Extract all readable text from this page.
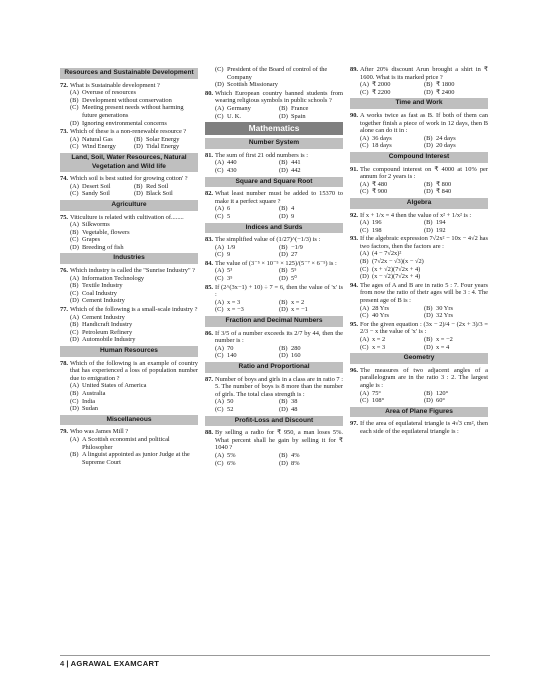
Resources and Sustainable Development
72. What is Sustainable development ?
(A) Overuse of resources
(B) Development without conservation
(C) Meeting present needs without harming future generations
(D) Ignoring environmental concerns
73. Which of these is a non-renewable resource ?
(A) Natural Gas	(B) Solar Energy
(C) Wind Energy	(D) Tidal Energy
Land, Soil, Water Resources, Natural Vegetation and Wild life
74. Which soil is best suited for growing cotton' ?
(A) Desert Soil	(B) Red Soil
(C) Sandy Soil	(D) Black Soil
Agriculture
75. Viticulture is related with cultivation of........
(A) Silkworms
(B) Vegetable, flowers
(C) Grapes
(D) Breeding of fish
Industries
76. Which industry is called the "Sunrise Industry" ?
(A) Information Technology
(B) Textile Industry
(C) Coal Industry
(D) Cement Industry
77. Which of the following is a small-scale industry ?
(A) Cement Industry
(B) Handicraft Industry
(C) Petroleum Refinery
(D) Automobile Industry
Human Resources
78. Which of the following is an example of country that has experienced a loss of population number due to emigration ?
(A) United States of America
(B) Australia
(C) India
(D) Sudan
Miscellaneous
79. Who was James Mill ?
(A) A Scottish economist and political Philosopher
(B) A linguist appointed as junior Judge at the Supreme Court
(C) President of the Board of control of the Company
(D) Scottish Missionary
80. Which European country banned students from wearing religious symbols in public schools ?
(A) Germany	(B) France
(C) U. K.	(D) Spain
Mathematics
Number System
81. The sum of first 21 odd numbers is :
(A) 440	(B) 441
(C) 430	(D) 442
Square and Square Root
82. What least number must be added to 15370 to make it a perfect square ?
(A) 6	(B) 4
(C) 5	(D) 9
Indices and Surds
83. The simplified value of (1/27)^(−1/3) is :
(A) 1/9	(B) −1/9
(C) 9	(D) 27
84. The value of (3⁻⁵ × 10⁻⁵ × 125)/(5⁻⁷ × 6⁻⁵) is :
(A) 5³	(B) 5⁵
(C) 3⁵	(D) 5⁰
85. If (2^(3x−1) + 10) ÷ 7 = 6, then the value of 'x' is :
(A) x = 3	(B) x = 2
(C) x = −3	(D) x = −1
Fraction and Decimal Numbers
86. If 3/5 of a number exceeds its 2/7 by 44, then the number is :
(A) 70	(B) 280
(C) 140	(D) 160
Ratio and Proportional
87. Number of boys and girls in a class are in ratio 7 : 5. The number of boys is 8 more than the number of girls. The total class strength is :
(A) 50	(B) 38
(C) 52	(D) 48
Profit-Loss and Discount
88. By selling a radio for ₹ 950, a man loses 5%. What percent shall he gain by selling it for ₹ 1040 ?
(A) 5%	(B) 4%
(C) 6%	(D) 8%
89. After 20% discount Arun brought a shirt in ₹ 1600. What is its marked price ?
(A) ₹ 2000	(B) ₹ 1800
(C) ₹ 2200	(D) ₹ 2400
Time and Work
90. A works twice as fast as B. If both of them can together finish a piece of work in 12 days, then B alone can do it in :
(A) 36 days	(B) 24 days
(C) 18 days	(D) 20 days
Compound Interest
91. The compound interest on ₹ 4000 at 10% per annum for 2 years is :
(A) ₹ 480	(B) ₹ 800
(C) ₹ 900	(D) ₹ 840
Algebra
92. If x + 1/x = 4 then the value of x² + 1/x² is :
(A) 196	(B) 194
(C) 198	(D) 192
93. If the algebraic expression 7√2x² − 10x − 4√2 has two factors, then the factors are :
(A) (4 − 7√2x)²
(B) (7√2x − √3)(x − √2)
(C) (x + √2)(7√2x + 4)
(D) (x − √2)(7√2x + 4)
94. The ages of A and B are in ratio 5 : 7. Four years from now the ratio of their ages will be 3 : 4. The present age of B is :
(A) 28 Yrs	(B) 30 Yrs
(C) 40 Yrs	(D) 32 Yrs
95. For the given equation : (3x − 2)/4 − (2x + 3)/3 = 2/3 − x the value of 'x' is :
(A) x = 2	(B) x = −2
(C) x = 3	(D) x = 4
Geometry
96. The measures of two adjacent angles of a parallelogram are in the ratio 3 : 2. The largest angle is :
(A) 75°	(B) 120°
(C) 108°	(D) 60°
Area of Plane Figures
97. If the area of equilateral triangle is 4√3 cm², then each side of the equilateral triangle is :
4 | AGRAWAL EXAMCART
